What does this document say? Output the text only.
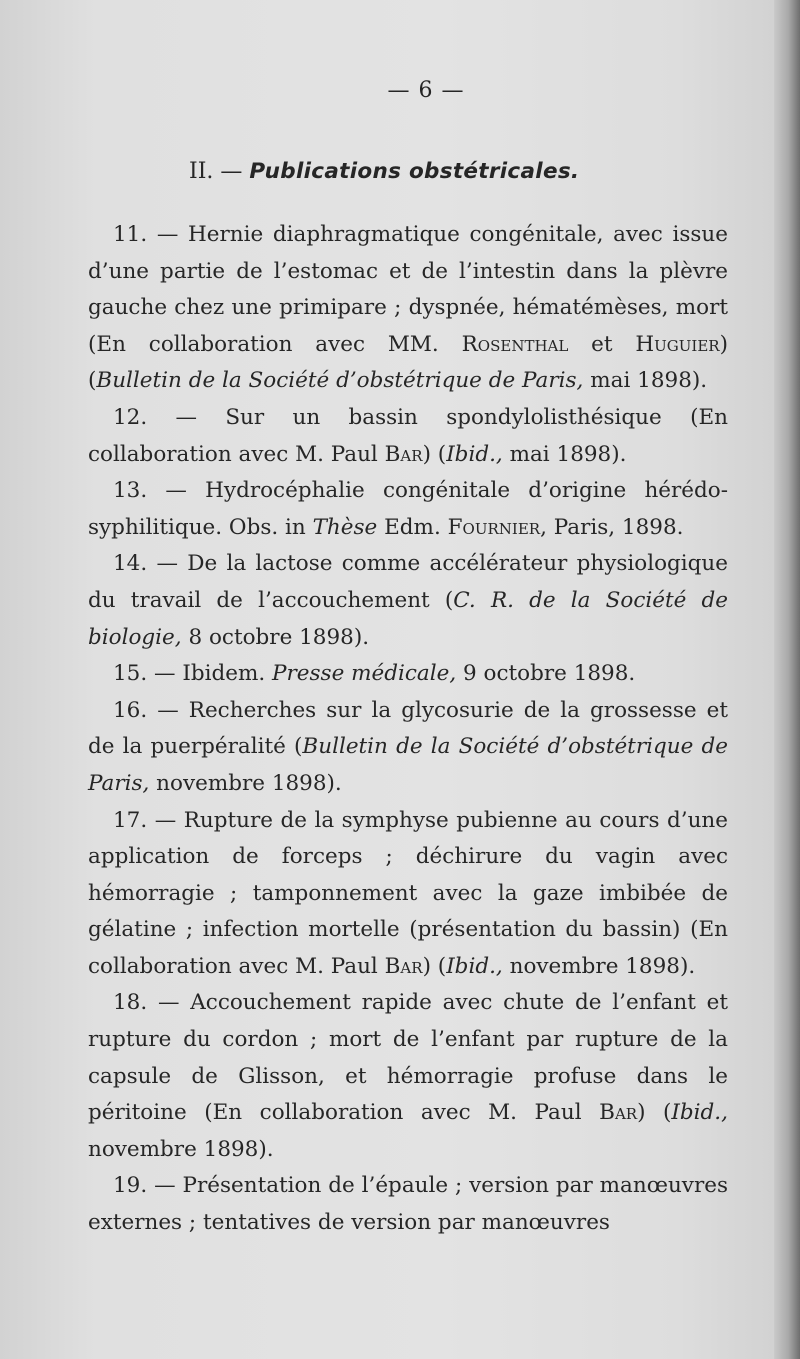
— 6 —
II. — Publications obstétricales.

11. — Hernie diaphragmatique congénitale, avec issue d’une partie de l’estomac et de l’intestin dans la plèvre gauche chez une primipare ; dyspnée, hématémèses, mort (En collaboration avec MM. Rosenthal et Huguier) (Bulletin de la Société d’obstétrique de Paris, mai 1898).

12. — Sur un bassin spondylolisthésique (En collaboration avec M. Paul Bar) (Ibid., mai 1898).

13. — Hydrocéphalie congénitale d’origine hérédo-syphilitique. Obs. in Thèse Edm. Fournier, Paris, 1898.

14. — De la lactose comme accélérateur physiologique du travail de l’accouchement (C. R. de la Société de biologie, 8 octobre 1898).

15. — Ibidem. Presse médicale, 9 octobre 1898.

16. — Recherches sur la glycosurie de la grossesse et de la puerpéralité (Bulletin de la Société d’obstétrique de Paris, novembre 1898).

17. — Rupture de la symphyse pubienne au cours d’une application de forceps ; déchirure du vagin avec hémorragie ; tamponnement avec la gaze imbibée de gélatine ; infection mortelle (présentation du bassin) (En collaboration avec M. Paul Bar) (Ibid., novembre 1898).

18. — Accouchement rapide avec chute de l’enfant et rupture du cordon ; mort de l’enfant par rupture de la capsule de Glisson, et hémorragie profuse dans le péritoine (En collaboration avec M. Paul Bar) (Ibid., novembre 1898).

19. — Présentation de l’épaule ; version par manœuvres externes ; tentatives de version par manœuvres
